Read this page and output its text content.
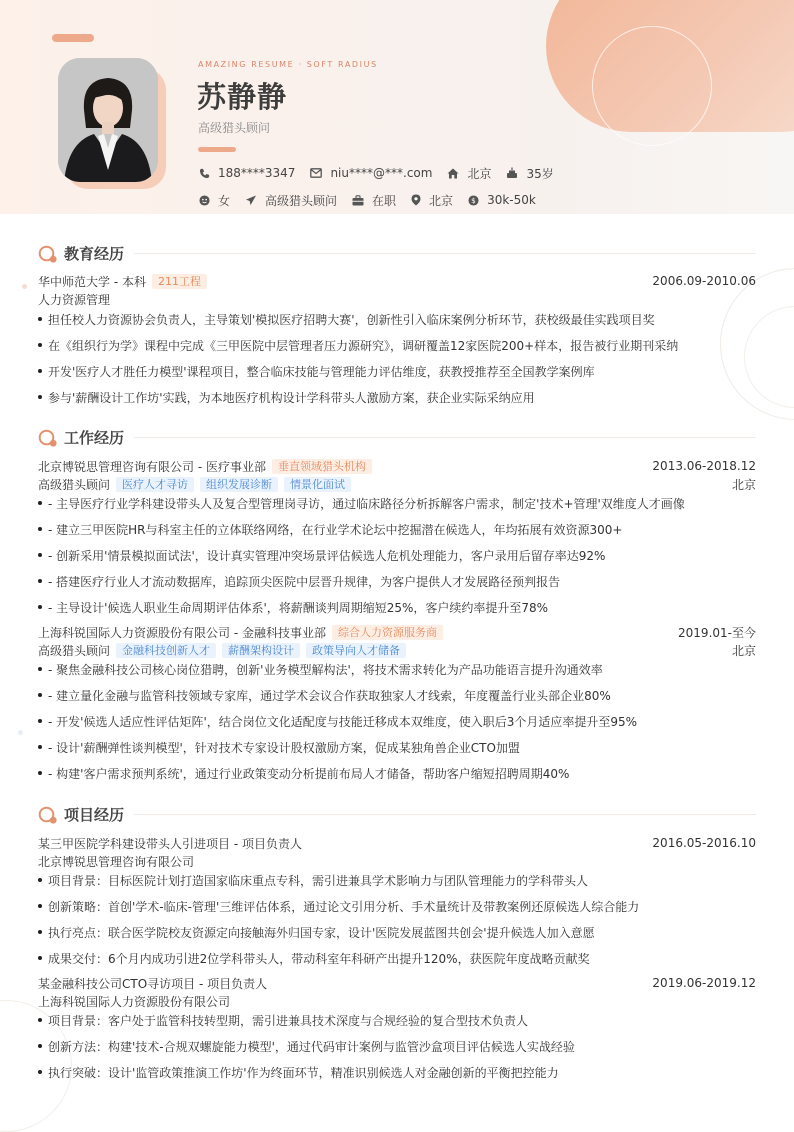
AMAZING RESUME · SOFT RADIUS
苏静静
高级猎头顾问
188****3347	niu****@***.com	北京	35岁
女	高级猎头顾问	在职	北京 $ 30k-50k
教育经历
华中师范大学 - 本科	211工程	2006.09-2010.06
人力资源管理
担任校人力资源协会负责人，主导策划'模拟医疗招聘大赛'，创新性引入临床案例分析环节，获校级最佳实践项目奖
在《组织行为学》课程中完成《三甲医院中层管理者压力源研究》，调研覆盖12家医院200+样本，报告被行业期刊采纳
开发'医疗人才胜任力模型'课程项目，整合临床技能与管理能力评估维度，获教授推荐至全国教学案例库
参与'薪酬设计工作坊'实践，为本地医疗机构设计学科带头人激励方案，获企业实际采纳应用
工作经历
北京博锐思管理咨询有限公司 - 医疗事业部	垂直领域猎头机构	2013.06-2018.12
高级猎头顾问	医疗人才寻访	组织发展诊断	情景化面试	北京
- 主导医疗行业学科建设带头人及复合型管理岗寻访，通过临床路径分析拆解客户需求，制定'技术+管理'双维度人才画像
- 建立三甲医院HR与科室主任的立体联络网络，在行业学术论坛中挖掘潜在候选人，年均拓展有效资源300+
- 创新采用'情景模拟面试法'，设计真实管理冲突场景评估候选人危机处理能力，客户录用后留存率达92%
- 搭建医疗行业人才流动数据库，追踪顶尖医院中层晋升规律，为客户提供人才发展路径预判报告
- 主导设计'候选人职业生命周期评估体系'，将薪酬谈判周期缩短25%，客户续约率提升至78%
上海科锐国际人力资源股份有限公司 - 金融科技事业部	综合人力资源服务商	2019.01-至今
高级猎头顾问	金融科技创新人才	薪酬架构设计	政策导向人才储备	北京
- 聚焦金融科技公司核心岗位猎聘，创新'业务模型解构法'，将技术需求转化为产品功能语言提升沟通效率
- 建立量化金融与监管科技领域专家库，通过学术会议合作获取独家人才线索，年度覆盖行业头部企业80%
- 开发'候选人适应性评估矩阵'，结合岗位文化适配度与技能迁移成本双维度，使入职后3个月适应率提升至95%
- 设计'薪酬弹性谈判模型'，针对技术专家设计股权激励方案，促成某独角兽企业CTO加盟
- 构建'客户需求预判系统'，通过行业政策变动分析提前布局人才储备，帮助客户缩短招聘周期40%
项目经历
某三甲医院学科建设带头人引进项目 - 项目负责人	2016.05-2016.10
北京博锐思管理咨询有限公司
项目背景：目标医院计划打造国家临床重点专科，需引进兼具学术影响力与团队管理能力的学科带头人
创新策略：首创'学术-临床-管理'三维评估体系，通过论文引用分析、手术量统计及带教案例还原候选人综合能力
执行亮点：联合医学院校友资源定向接触海外归国专家，设计'医院发展蓝图共创会'提升候选人加入意愿
成果交付：6个月内成功引进2位学科带头人，带动科室年科研产出提升120%，获医院年度战略贡献奖
某金融科技公司CTO寻访项目 - 项目负责人	2019.06-2019.12
上海科锐国际人力资源股份有限公司
项目背景：客户处于监管科技转型期，需引进兼具技术深度与合规经验的复合型技术负责人
创新方法：构建'技术-合规双螺旋能力模型'，通过代码审计案例与监管沙盒项目评估候选人实战经验
执行突破：设计'监管政策推演工作坊'作为终面环节，精准识别候选人对金融创新的平衡把控能力
